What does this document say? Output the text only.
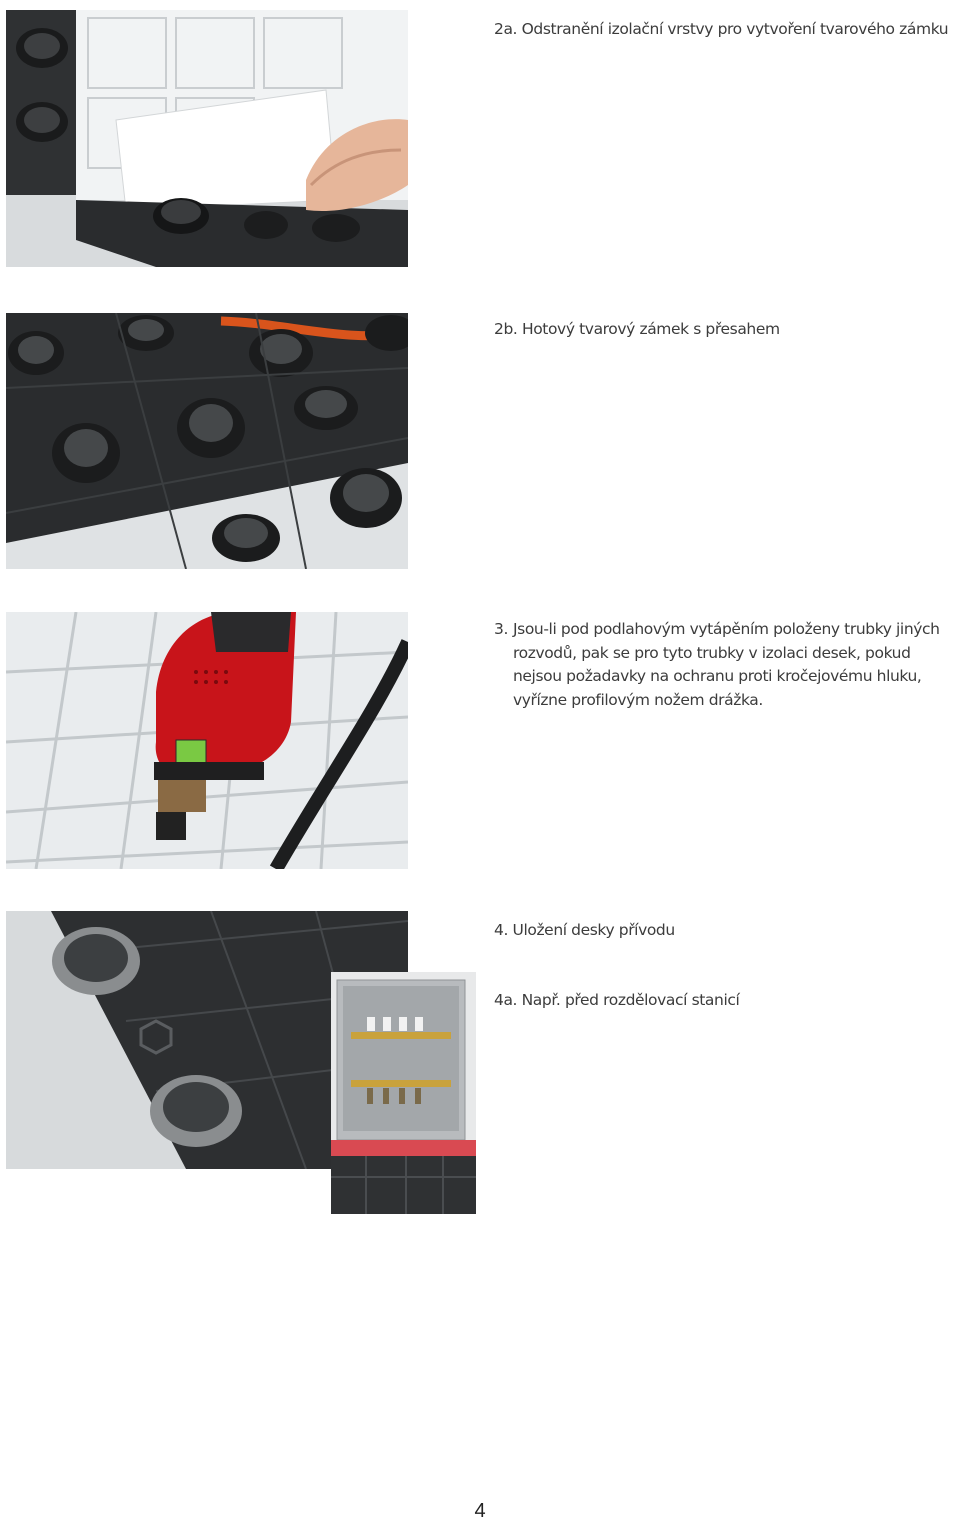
2a. Odstranění izolační vrstvy pro vytvoření tvarového zámku
2b. Hotový tvarový zámek s přesahem
3. Jsou-li pod podlahovým vytápěním položeny trubky jiných rozvodů, pak se pro tyto trubky v izolaci desek, pokud nejsou požadavky na ochranu proti kročejovému hluku, vyřízne profilovým nožem drážka.
4. Uložení desky přívodu
4a. Např. před rozdělovací stanicí
4
